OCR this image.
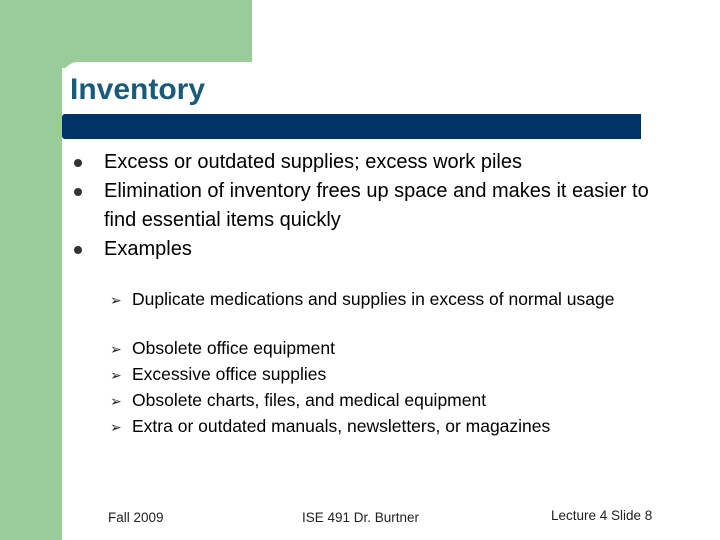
Inventory
Excess or outdated supplies; excess work piles
Elimination of inventory frees up space and makes it easier to find essential items quickly
Examples
➢ Duplicate medications and supplies in excess of normal usage
➢ Obsolete office equipment
➢ Excessive office supplies
➢ Obsolete charts, files, and medical equipment
➢ Extra or outdated manuals, newsletters, or magazines
Fall 2009	ISE 491 Dr. Burtner	Lecture 4 Slide 8
